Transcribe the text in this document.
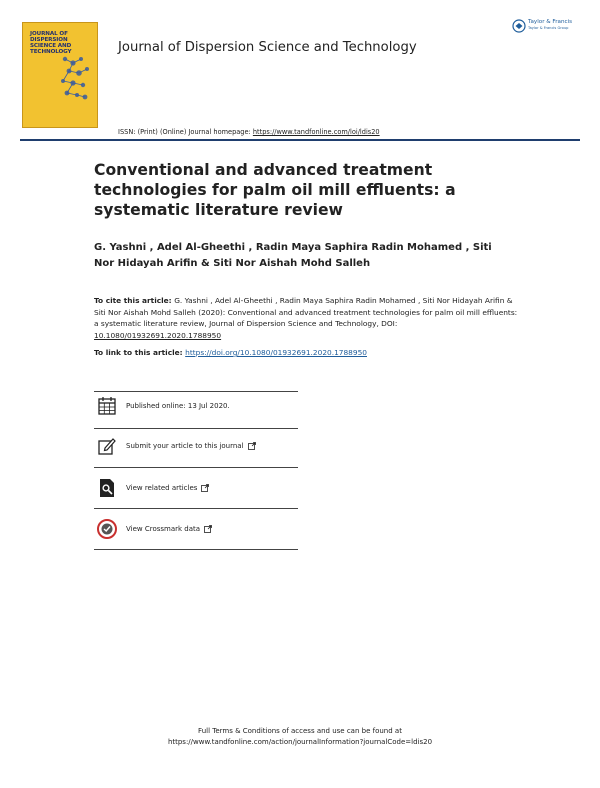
JOURNAL OF DISPERSION SCIENCE AND TECHNOLOGY	Journal of Dispersion Science and Technology
Taylor & Francis
Taylor & Francis Group
ISSN: (Print) (Online) Journal homepage: https://www.tandfonline.com/loi/ldis20
Conventional and advanced treatment technologies for palm oil mill effluents: a systematic literature review
G. Yashni , Adel Al-Gheethi , Radin Maya Saphira Radin Mohamed , Siti Nor Hidayah Arifin & Siti Nor Aishah Mohd Salleh
To cite this article: G. Yashni , Adel Al-Gheethi , Radin Maya Saphira Radin Mohamed , Siti Nor Hidayah Arifin & Siti Nor Aishah Mohd Salleh (2020): Conventional and advanced treatment technologies for palm oil mill effluents: a systematic literature review, Journal of Dispersion Science and Technology, DOI: 10.1080/01932691.2020.1788950
To link to this article: https://doi.org/10.1080/01932691.2020.1788950
Published online: 13 Jul 2020.
Submit your article to this journal
View related articles
View Crossmark data
Full Terms & Conditions of access and use can be found at
https://www.tandfonline.com/action/journalInformation?journalCode=ldis20
